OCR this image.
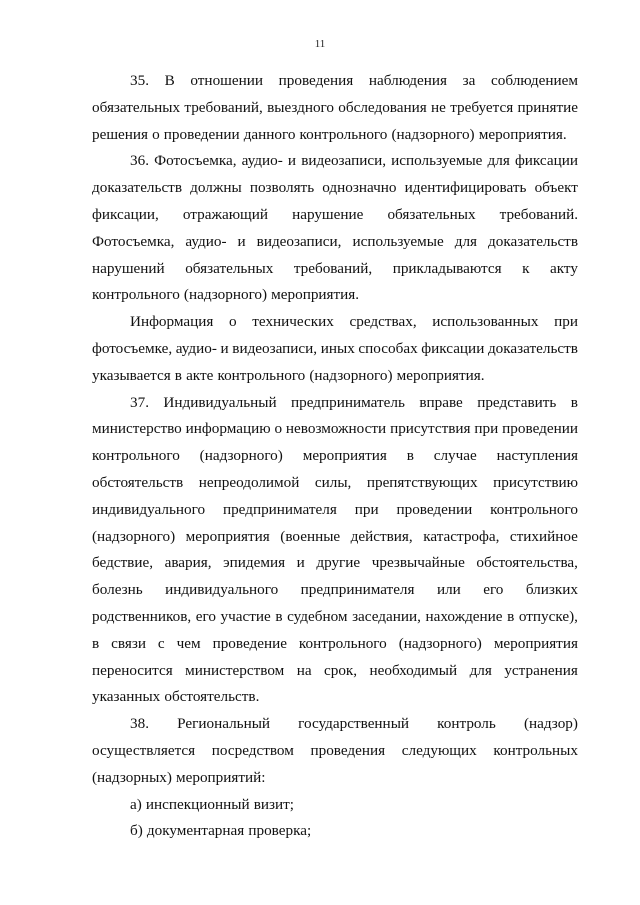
11
35. В отношении проведения наблюдения за соблюдением
обязательных требований, выездного обследования не требуется принятие
решения о проведении данного контрольного (надзорного) мероприятия.
36. Фотосъемка, аудио- и видеозаписи, используемые для фиксации
доказательств должны позволять однозначно идентифицировать объект
фиксации, отражающий нарушение обязательных требований.
Фотосъемка, аудио- и видеозаписи, используемые для доказательств
нарушений обязательных требований, прикладываются к акту
контрольного (надзорного) мероприятия.
Информация о технических средствах, использованных при
фотосъемке, аудио- и видеозаписи, иных способах фиксации доказательств
указывается в акте контрольного (надзорного) мероприятия.
37. Индивидуальный предприниматель вправе представить в
министерство информацию о невозможности присутствия при проведении
контрольного (надзорного) мероприятия в случае наступления
обстоятельств непреодолимой силы, препятствующих присутствию
индивидуального предпринимателя при проведении контрольного
(надзорного) мероприятия (военные действия, катастрофа, стихийное
бедствие, авария, эпидемия и другие чрезвычайные обстоятельства,
болезнь индивидуального предпринимателя или его близких
родственников, его участие в судебном заседании, нахождение в отпуске),
в связи с чем проведение контрольного (надзорного) мероприятия
переносится министерством на срок, необходимый для устранения
указанных обстоятельств.
38. Региональный государственный контроль (надзор)
осуществляется посредством проведения следующих контрольных
(надзорных) мероприятий:
а) инспекционный визит;
б) документарная проверка;
